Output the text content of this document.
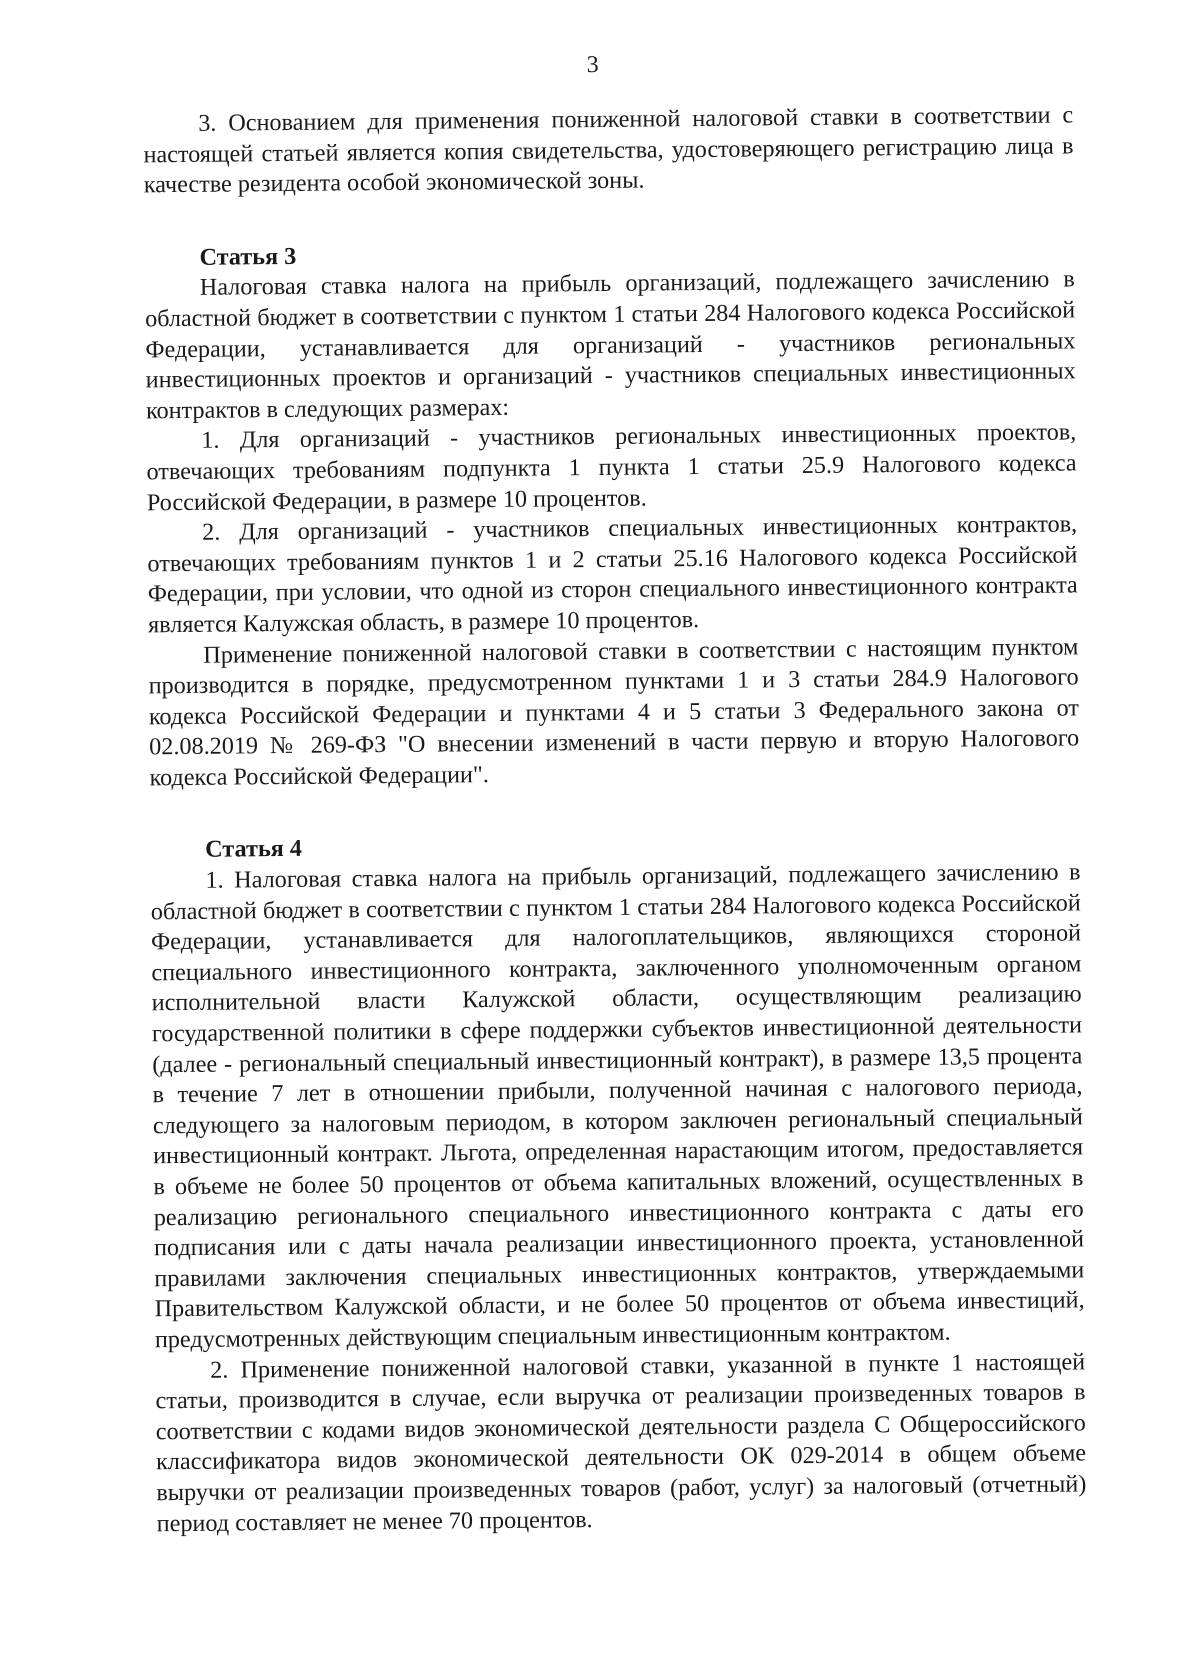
3

3. Основанием для применения пониженной налоговой ставки в соответствии с настоящей статьей является копия свидетельства, удостоверяющего регистрацию лица в качестве резидента особой экономической зоны.

Статья 3

Налоговая ставка налога на прибыль организаций, подлежащего зачислению в областной бюджет в соответствии с пунктом 1 статьи 284 Налогового кодекса Российской Федерации, устанавливается для организаций - участников региональных инвестиционных проектов и организаций - участников специальных инвестиционных контрактов в следующих размерах:

1. Для организаций - участников региональных инвестиционных проектов, отвечающих требованиям подпункта 1 пункта 1 статьи 25.9 Налогового кодекса Российской Федерации, в размере 10 процентов.

2. Для организаций - участников специальных инвестиционных контрактов, отвечающих требованиям пунктов 1 и 2 статьи 25.16 Налогового кодекса Российской Федерации, при условии, что одной из сторон специального инвестиционного контракта является Калужская область, в размере 10 процентов.

Применение пониженной налоговой ставки в соответствии с настоящим пунктом производится в порядке, предусмотренном пунктами 1 и 3 статьи 284.9 Налогового кодекса Российской Федерации и пунктами 4 и 5 статьи 3 Федерального закона от 02.08.2019 № 269-ФЗ "О внесении изменений в части первую и вторую Налогового кодекса Российской Федерации".

Статья 4

1. Налоговая ставка налога на прибыль организаций, подлежащего зачислению в областной бюджет в соответствии с пунктом 1 статьи 284 Налогового кодекса Российской Федерации, устанавливается для налогоплательщиков, являющихся стороной специального инвестиционного контракта, заключенного уполномоченным органом исполнительной власти Калужской области, осуществляющим реализацию государственной политики в сфере поддержки субъектов инвестиционной деятельности (далее - региональный специальный инвестиционный контракт), в размере 13,5 процента в течение 7 лет в отношении прибыли, полученной начиная с налогового периода, следующего за налоговым периодом, в котором заключен региональный специальный инвестиционный контракт. Льгота, определенная нарастающим итогом, предоставляется в объеме не более 50 процентов от объема капитальных вложений, осуществленных в реализацию регионального специального инвестиционного контракта с даты его подписания или с даты начала реализации инвестиционного проекта, установленной правилами заключения специальных инвестиционных контрактов, утверждаемыми Правительством Калужской области, и не более 50 процентов от объема инвестиций, предусмотренных действующим специальным инвестиционным контрактом.

2. Применение пониженной налоговой ставки, указанной в пункте 1 настоящей статьи, производится в случае, если выручка от реализации произведенных товаров в соответствии с кодами видов экономической деятельности раздела С Общероссийского классификатора видов экономической деятельности ОК 029-2014 в общем объеме выручки от реализации произведенных товаров (работ, услуг) за налоговый (отчетный) период составляет не менее 70 процентов.
